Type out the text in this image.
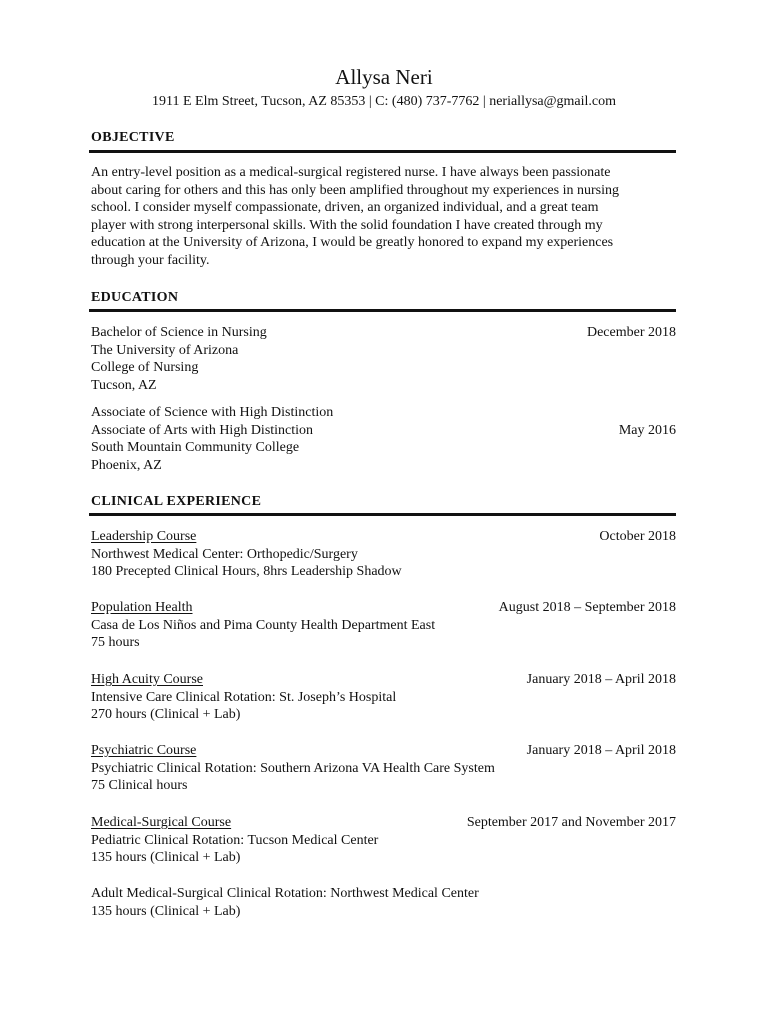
Allysa Neri
1911 E Elm Street, Tucson, AZ 85353 | C: (480) 737-7762 | neriallysa@gmail.com
OBJECTIVE
An entry-level position as a medical-surgical registered nurse. I have always been passionate
about caring for others and this has only been amplified throughout my experiences in nursing
school. I consider myself compassionate, driven, an organized individual, and a great team
player with strong interpersonal skills. With the solid foundation I have created through my
education at the University of Arizona, I would be greatly honored to expand my experiences
through your facility.
EDUCATION
Bachelor of Science in Nursing	December 2018
The University of Arizona
College of Nursing
Tucson, AZ
Associate of Science with High Distinction
Associate of Arts with High Distinction	May 2016
South Mountain Community College
Phoenix, AZ
CLINICAL EXPERIENCE
Leadership Course	October 2018
Northwest Medical Center: Orthopedic/Surgery
180 Precepted Clinical Hours, 8hrs Leadership Shadow
Population Health	August 2018 – September 2018
Casa de Los Niños and Pima County Health Department East
75 hours
High Acuity Course	January 2018 – April 2018
Intensive Care Clinical Rotation: St. Joseph’s Hospital
270 hours (Clinical + Lab)
Psychiatric Course	January 2018 – April 2018
Psychiatric Clinical Rotation: Southern Arizona VA Health Care System
75 Clinical hours
Medical-Surgical Course	September 2017 and November 2017
Pediatric Clinical Rotation: Tucson Medical Center
135 hours (Clinical + Lab)
Adult Medical-Surgical Clinical Rotation: Northwest Medical Center
135 hours (Clinical + Lab)
